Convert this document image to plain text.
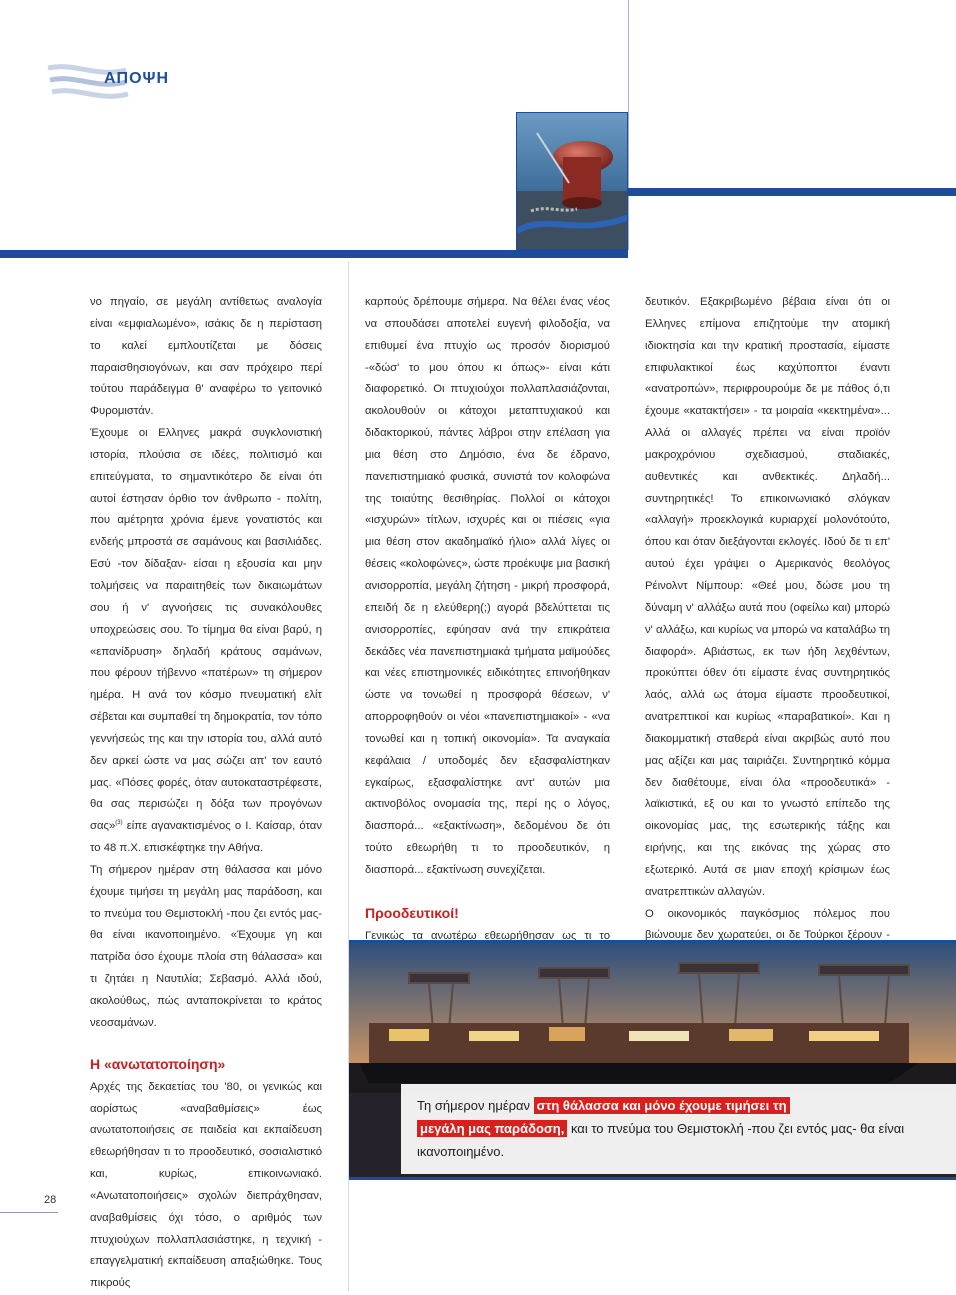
ΑΠΟΨΗ

νο πηγαίο, σε μεγάλη αντίθετως αναλογία είναι «εμφιαλωμένο», ισάκις δε η περίσταση το καλεί εμπλουτίζεται με δόσεις παραισθησιογόνων, και σαν πρόχειρο περί τούτου παράδειγμα θ' αναφέρω το γειτονικό Φυρομιστάν.

Έχουμε οι Ελληνες μακρά συγκλονιστική ιστορία, πλούσια σε ιδέες, πολιτισμό και επιτεύγματα, το σημαντικότερο δε είναι ότι αυτοί έστησαν όρθιο τον άνθρωπο - πολίτη, που αμέτρητα χρόνια έμενε γονατιστός και ενδεής μπροστά σε σαμάνους και βασιλιάδες. Εσύ -τον δίδαξαν- είσαι η εξουσία και μην τολμήσεις να παραιτηθείς των δικαιωμάτων σου ή ν' αγνοήσεις τις συνακόλουθες υποχρεώσεις σου. Το τίμημα θα είναι βαρύ, η «επανίδρυση» δηλαδή κράτους σαμάνων, που φέρουν τήβεννο «πατέρων» τη σήμερον ημέρα. Η ανά τον κόσμο πνευματική ελίτ σέβεται και συμπαθεί τη δημοκρατία, τον τόπο γεννήσεώς της και την ιστορία του, αλλά αυτό δεν αρκεί ώστε να μας σώζει απ' τον εαυτό μας. «Πόσες φορές, όταν αυτοκαταστρέφεστε, θα σας περισώζει η δόξα των προγόνων σας»$^{(3)}$ είπε αγανακτισμένος ο Ι. Καίσαρ, όταν το 48 π.Χ. επισκέφτηκε την Αθήνα.

Τη σήμερον ημέραν στη θάλασσα και μόνο έχουμε τιμήσει τη μεγάλη μας παράδοση, και το πνεύμα του Θεμιστοκλή -που ζει εντός μας- θα είναι ικανοποιημένο. «Έχουμε γη και πατρίδα όσο έχουμε πλοία στη θάλασσα» και τι ζητάει η Ναυτιλία; Σεβασμό. Αλλά ιδού, ακολούθως, πώς ανταποκρίνεται το κράτος νεοσαμάνων.

Η «ανωτατοποίηση»

Αρχές της δεκαετίας του '80, οι γενικώς και αορίστως «αναβαθμίσεις» έως ανωτατοποιήσεις σε παιδεία και εκπαίδευση εθεωρήθησαν τι το προοδευτικό, σοσιαλιστικό και, κυρίως, επικοινωνιακό. «Ανωτατοποιήσεις» σχολών διεπράχθησαν, αναβαθμίσεις όχι τόσο, ο αριθμός των πτυχιούχων πολλαπλασιάστηκε, η τεχνική - επαγγελματική εκπαίδευση απαξιώθηκε. Τους πικρούς

καρπούς δρέπουμε σήμερα. Να θέλει ένας νέος να σπουδάσει αποτελεί ευγενή φιλοδοξία, να επιθυμεί ένα πτυχίο ως προσόν διορισμού -«δώσ' το μου όπου κι όπως»- είναι κάτι διαφορετικό. Οι πτυχιούχοι πολλαπλασιάζονται, ακολουθούν οι κάτοχοι μεταπτυχιακού και διδακτορικού, πάντες λάβροι στην επέλαση για μια θέση στο Δημόσιο, ένα δε έδρανο, πανεπιστημιακό φυσικά, συνιστά τον κολοφώνα της τοιαύτης θεσιθηρίας. Πολλοί οι κάτοχοι «ισχυρών» τίτλων, ισχυρές και οι πιέσεις «για μια θέση στον ακαδημαϊκό ήλιο» αλλά λίγες οι θέσεις «κολοφώνες», ώστε προέκυψε μια βασική ανισορροπία, μεγάλη ζήτηση - μικρή προσφορά, επειδή δε η ελεύθερη(;) αγορά βδελύττεται τις ανισορροπίες, εφύησαν ανά την επικράτεια δεκάδες νέα πανεπιστημιακά τμήματα μαϊμούδες και νέες επιστημονικές ειδικότητες επινοήθηκαν ώστε να τονωθεί η προσφορά θέσεων, ν' απορροφηθούν οι νέοι «πανεπιστημιακοί» - «να τονωθεί και η τοπική οικονομία». Τα αναγκαία κεφάλαια / υποδομές δεν εξασφαλίστηκαν εγκαίρως, εξασφαλίστηκε αντ' αυτών μια ακτινοβόλος ονομασία της, περί ης ο λόγος, διασπορά... «εξακτίνωση», δεδομένου δε ότι τούτο εθεωρήθη τι το προοδευτικόν, η διασπορά... εξακτίνωση συνεχίζεται.

Προοδευτικοί!

Γενικώς τα ανωτέρω εθεωρήθησαν ως τι το

δευτικόν. Εξακριβωμένο βέβαια είναι ότι οι Ελληνες επίμονα επιζητούμε την ατομική ιδιοκτησία και την κρατική προστασία, είμαστε επιφυλακτικοί έως καχύποπτοι έναντι «ανατροπών», περιφρουρούμε δε με πάθος ό,τι έχουμε «κατακτήσει» - τα μοιραία «κεκτημένα»... Αλλά οι αλλαγές πρέπει να είναι προϊόν μακροχρόνιου σχεδιασμού, σταδιακές, αυθεντικές και ανθεκτικές. Δηλαδή... συντηρητικές! Το επικοινωνιακό σλόγκαν «αλλαγή» προεκλογικά κυριαρχεί μολονότούτο, όπου και όταν διεξάγονται εκλογές. Ιδού δε τι επ' αυτού έχει γράψει ο Αμερικανός θεολόγος Ρέινολντ Νίμπουρ: «Θεέ μου, δώσε μου τη δύναμη ν' αλλάξω αυτά που (οφείλω και) μπορώ ν' αλλάξω, και κυρίως να μπορώ να καταλάβω τη διαφορά». Αβιάστως, εκ των ήδη λεχθέντων, προκύπτει όθεν ότι είμαστε ένας συντηρητικός λαός, αλλά ως άτομα είμαστε προοδευτικοί, ανατρεπτικοί και κυρίως «παραβατικοί». Και η διακομματική σταθερά είναι ακριβώς αυτό που μας αξίζει και μας ταιριάζει. Συντηρητικό κόμμα δεν διαθέτουμε, είναι όλα «προοδευτικά» - λαϊκιστικά, εξ ου και το γνωστό επίπεδο της οικονομίας μας, της εσωτερικής τάξης και ειρήνης, και της εικόνας της χώρας στο εξωτερικό. Αυτά σε μιαν εποχή κρίσιμων έως ανατρεπτικών αλλαγών.

Ο οικονομικός παγκόσμιος πόλεμος που βιώνουμε δεν χωρατεύει, οι δε Τούρκοι ξέρουν -

Τη σήμερον ημέραν στη θάλασσα και μόνο έχουμε τιμήσει τη
μεγάλη μας παράδοση, και το πνεύμα του Θεμιστοκλή -που ζει εντός μας- θα είναι ικανοποιημένο.

28
